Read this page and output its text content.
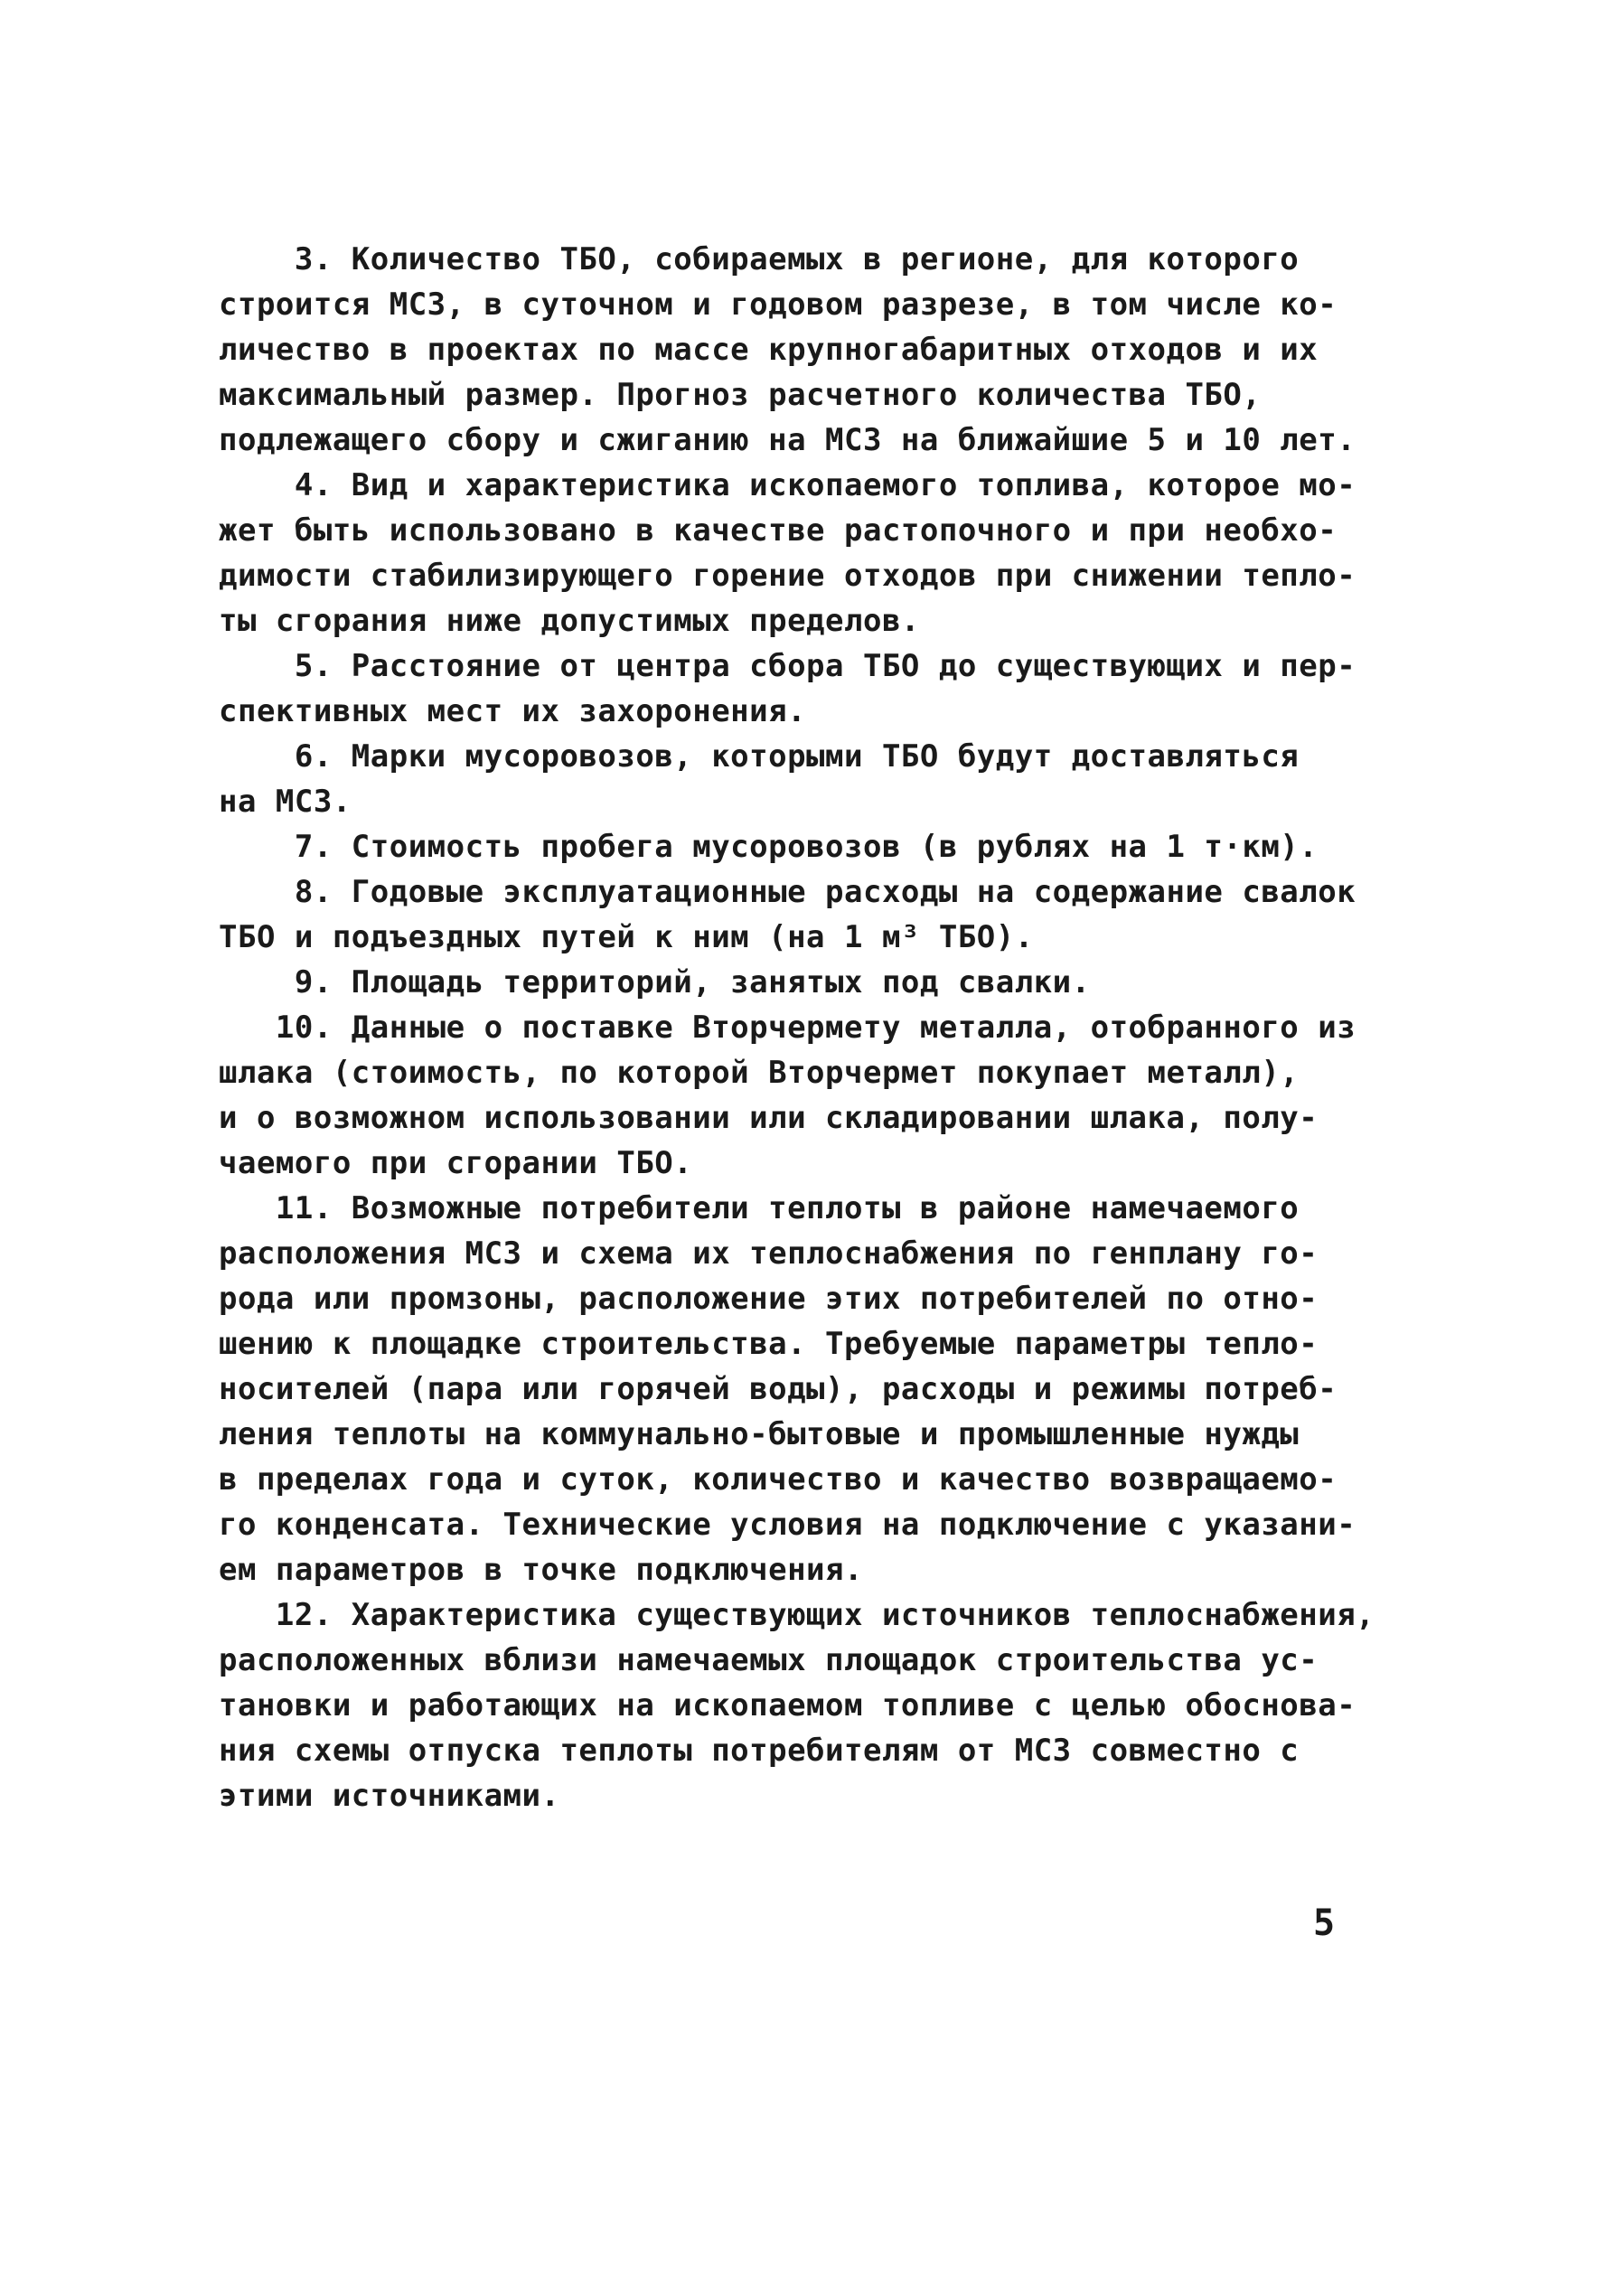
3. Количество ТБО, собираемых в регионе, для которого
строится МСЗ, в суточном и годовом разрезе, в том числе ко-
личество в проектах по массе крупногабаритных отходов и их
максимальный размер. Прогноз расчетного количества ТБО,
подлежащего сбору и сжиганию на МСЗ на ближайшие 5 и 10 лет.
4. Вид и характеристика ископаемого топлива, которое мо-
жет быть использовано в качестве растопочного и при необхо-
димости стабилизирующего горение отходов при снижении тепло-
ты сгорания ниже допустимых пределов.
5. Расстояние от центра сбора ТБО до существующих и пер-
спективных мест их захоронения.
6. Марки мусоровозов, которыми ТБО будут доставляться
на МСЗ.
7. Стоимость пробега мусоровозов (в рублях на 1 т·км).
8. Годовые эксплуатационные расходы на содержание свалок
ТБО и подъездных путей к ним (на 1 м³ ТБО).
9. Площадь территорий, занятых под свалки.
10. Данные о поставке Вторчермету металла, отобранного из
шлака (стоимость, по которой Вторчермет покупает металл),
и о возможном использовании или складировании шлака, полу-
чаемого при сгорании ТБО.
11. Возможные потребители теплоты в районе намечаемого
расположения МСЗ и схема их теплоснабжения по генплану го-
рода или промзоны, расположение этих потребителей по отно-
шению к площадке строительства. Требуемые параметры тепло-
носителей (пара или горячей воды), расходы и режимы потреб-
ления теплоты на коммунально-бытовые и промышленные нужды
в пределах года и суток, количество и качество возвращаемо-
го конденсата. Технические условия на подключение с указани-
ем параметров в точке подключения.
12. Характеристика существующих источников теплоснабжения,
расположенных вблизи намечаемых площадок строительства ус-
тановки и работающих на ископаемом топливе с целью обоснова-
ния схемы отпуска теплоты потребителям от МСЗ совместно с
этими источниками.
5
